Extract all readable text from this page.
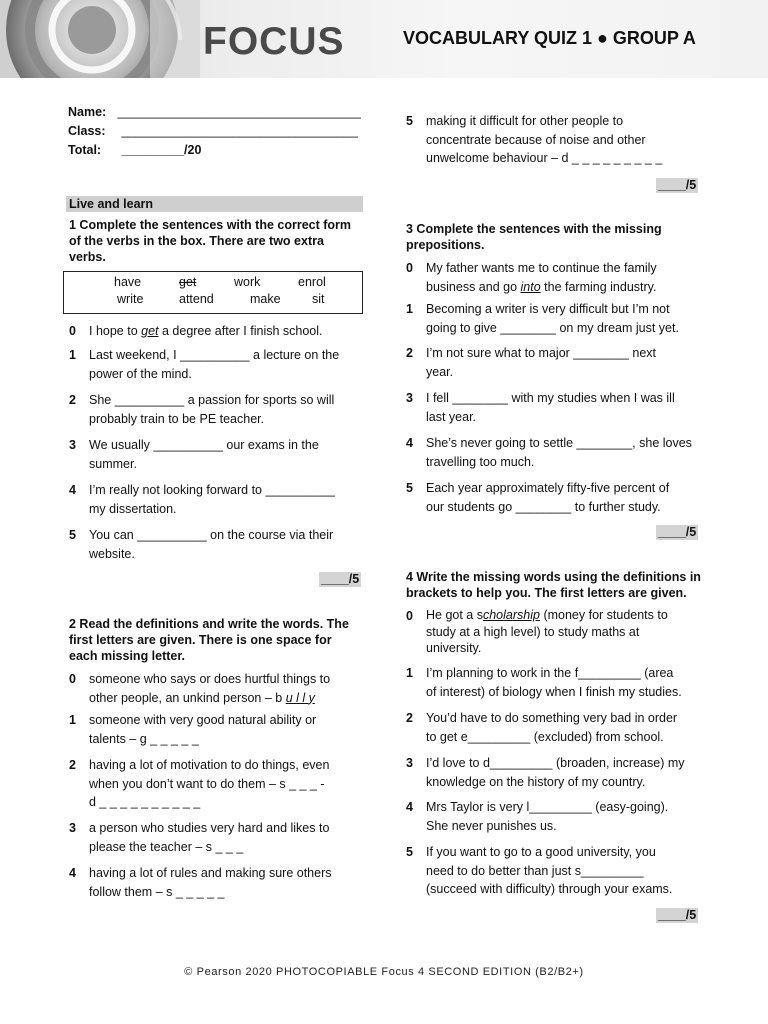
FOCUS	VOCABULARY QUIZ 1 ● GROUP A
Name: ___________________________________
Class: __________________________________
Total: _________/20
Live and learn
1 Complete the sentences with the correct form
of the verbs in the box. There are two extra
verbs.
have	get	work	enrol
write	attend	make	sit
0 I hope to get a degree after I finish school.
1 Last weekend, I __________ a lecture on the
power of the mind.
2 She __________ a passion for sports so will
probably train to be PE teacher.
3 We usually __________ our exams in the
summer.
4 I’m really not looking forward to __________
my dissertation.
5 You can __________ on the course via their
website.
____/5
2 Read the definitions and write the words. The
first letters are given. There is one space for
each missing letter.
0 someone who says or does hurtful things to
other people, an unkind person – b u l l y
1 someone with very good natural ability or
talents – g _ _ _ _ _
2 having a lot of motivation to do things, even
when you don’t want to do them – s _ _ _ -
d _ _ _ _ _ _ _ _ _ _
3 a person who studies very hard and likes to
please the teacher – s _ _ _
4 having a lot of rules and making sure others
follow them – s _ _ _ _ _
5 making it difficult for other people to
concentrate because of noise and other
unwelcome behaviour – d _ _ _ _ _ _ _ _ _
____/5
3 Complete the sentences with the missing
prepositions.
0 My father wants me to continue the family
business and go into the farming industry.
1 Becoming a writer is very difficult but I’m not
going to give ________ on my dream just yet.
2 I’m not sure what to major ________ next
year.
3 I fell ________ with my studies when I was ill
last year.
4 She’s never going to settle ________, she loves
travelling too much.
5 Each year approximately fifty-five percent of
our students go ________ to further study.
____/5
4 Write the missing words using the definitions in
brackets to help you. The first letters are given.
0 He got a scholarship (money for students to
study at a high level) to study maths at
university.
1 I’m planning to work in the f_________ (area
of interest) of biology when I finish my studies.
2 You’d have to do something very bad in order
to get e_________ (excluded) from school.
3 I’d love to d_________ (broaden, increase) my
knowledge on the history of my country.
4 Mrs Taylor is very l_________ (easy-going).
She never punishes us.
5 If you want to go to a good university, you
need to do better than just s_________
(succeed with difficulty) through your exams.
____/5
© Pearson 2020 PHOTOCOPIABLE Focus 4 SECOND EDITION (B2/B2+)
